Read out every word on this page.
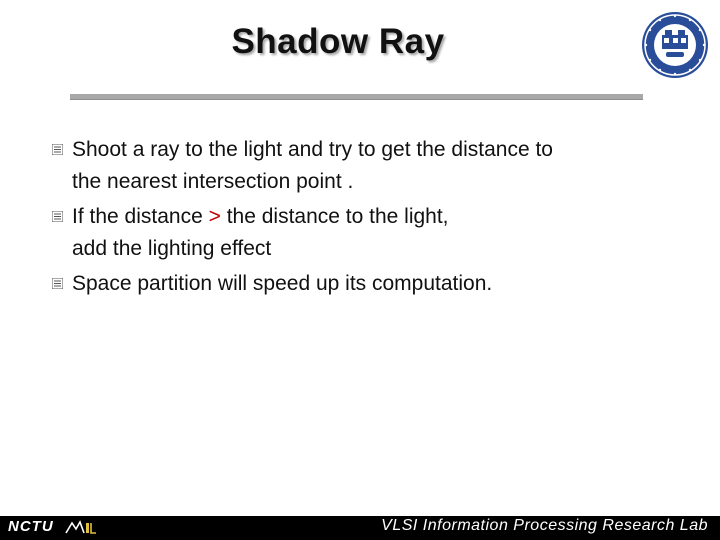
Shadow Ray
Shoot a ray to the light and try to get the distance to
the nearest intersection point .
If the distance > the distance to the light,
add the lighting effect
Space partition will speed up its computation.
NCTU	VLSI Information Processing Research Lab
